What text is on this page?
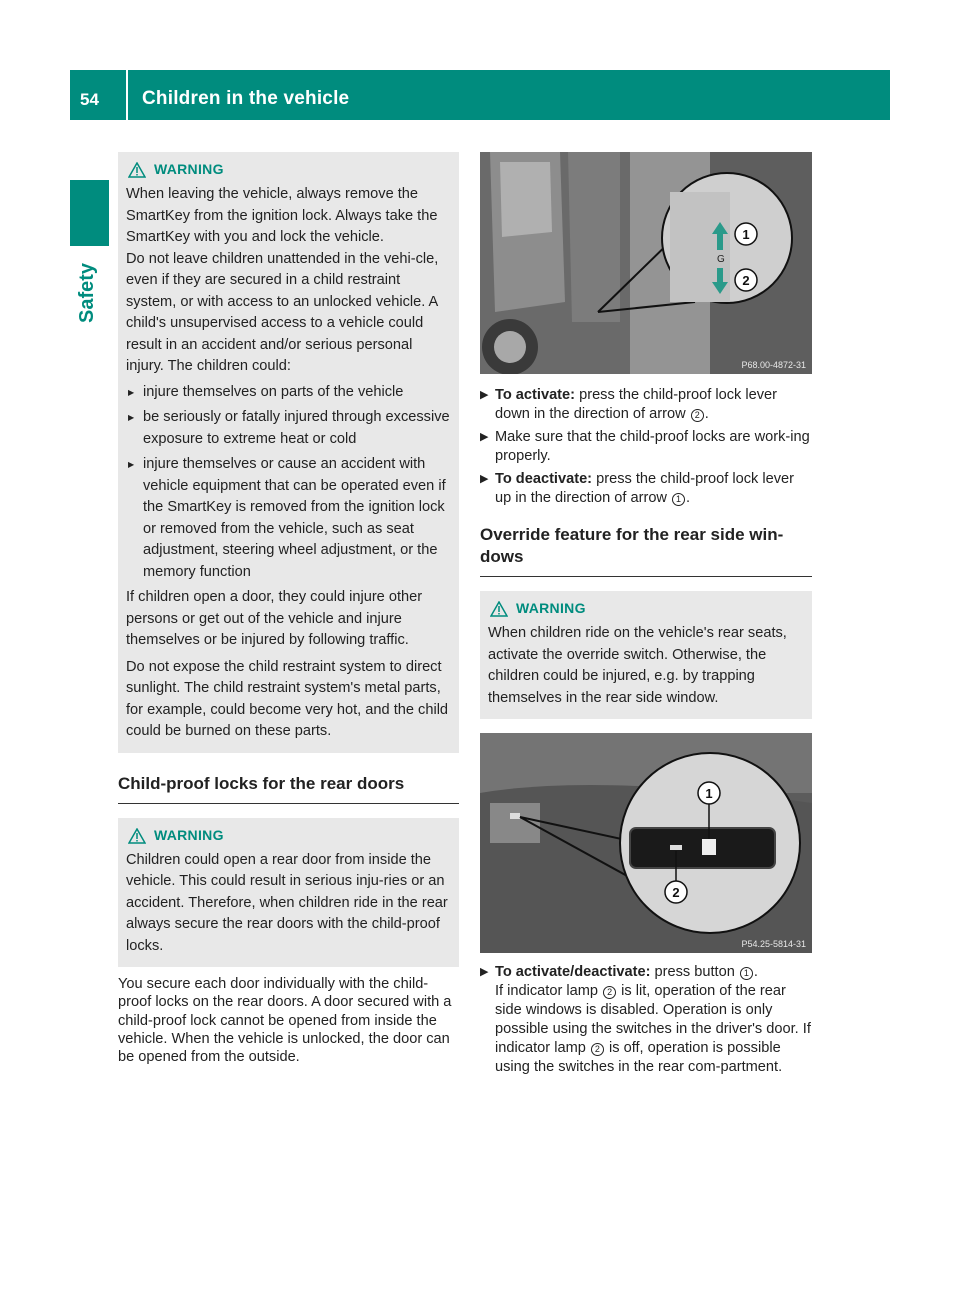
54 Children in the vehicle
Safety
WARNING

When leaving the vehicle, always remove the SmartKey from the ignition lock. Always take the SmartKey with you and lock the vehicle.

Do not leave children unattended in the vehi-cle, even if they are secured in a child restraint system, or with access to an unlocked vehicle. A child's unsupervised access to a vehicle could result in an accident and/or serious personal injury. The children could:

▶ injure themselves on parts of the vehicle
▶ be seriously or fatally injured through excessive exposure to extreme heat or cold
▶ injure themselves or cause an accident with vehicle equipment that can be operated even if the SmartKey is removed from the ignition lock or removed from the vehicle, such as seat adjustment, steering wheel adjustment, or the memory function

If children open a door, they could injure other persons or get out of the vehicle and injure themselves or be injured by following traffic.

Do not expose the child restraint system to direct sunlight. The child restraint system's metal parts, for example, could become very hot, and the child could be burned on these parts.

Child-proof locks for the rear doors
WARNING

Children could open a rear door from inside the vehicle. This could result in serious inju-ries or an accident. Therefore, when children ride in the rear always secure the rear doors with the child-proof locks.

You secure each door individually with the child-proof locks on the rear doors. A door secured with a child-proof lock cannot be opened from inside the vehicle. When the vehicle is unlocked, the door can be opened from the outside.

G
1
2
P68.00-4872-31
▶ To activate: press the child-proof lock lever down in the direction of arrow 2 .
▶ Make sure that the child-proof locks are work-ing properly.
▶ To deactivate: press the child-proof lock lever up in the direction of arrow 1 .
Override feature for the rear side win-dows
WARNING

When children ride on the vehicle's rear seats, activate the override switch. Otherwise, the children could be injured, e.g. by trapping themselves in the rear side window.

1
2
P54.25-5814-31
▶ To activate/deactivate: press button 1 .
If indicator lamp 2 is lit, operation of the rear side windows is disabled. Operation is only possible using the switches in the driver's door. If indicator lamp 2 is off, operation is possible using the switches in the rear com-partment.
